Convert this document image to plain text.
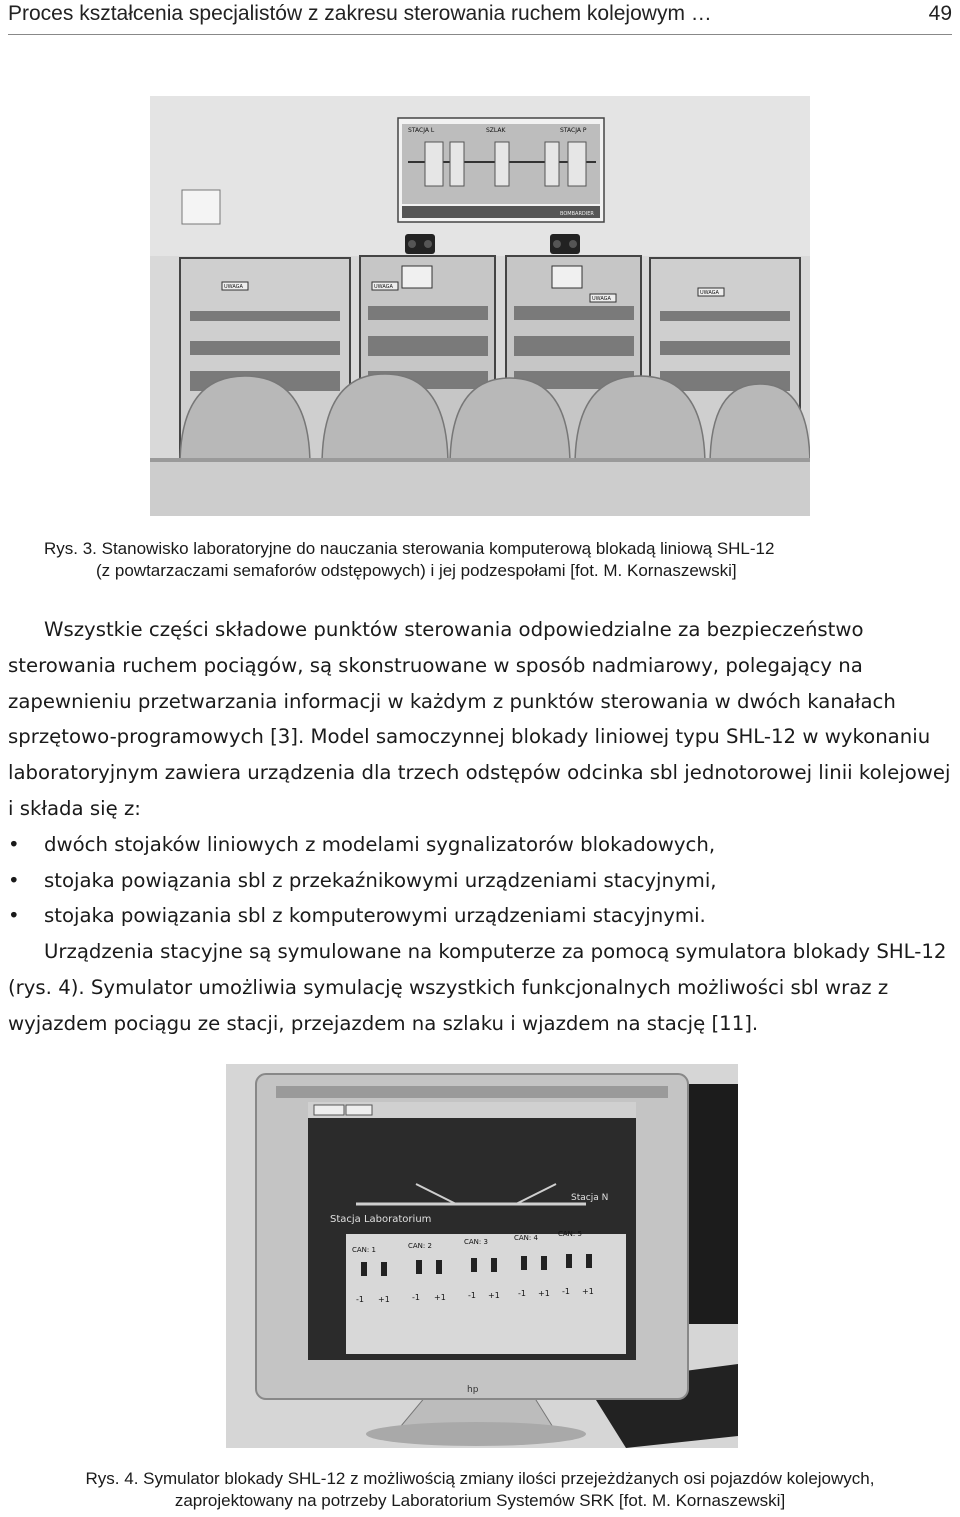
Proces kształcenia specjalistów z zakresu sterowania ruchem kolejowym …	49
STACJA L	SZLAK	STACJA P
BOMBARDIER
UWAGA	UWAGA
UWAGA
UWAGA
Rys. 3. Stanowisko laboratoryjne do nauczania sterowania komputerową blokadą liniową SHL-12
(z powtarzaczami semaforów odstępowych) i jej podzespołami [fot. M. Kornaszewski]

Wszystkie części składowe punktów sterowania odpowiedzialne za bezpieczeństwo sterowania ruchem pociągów, są skonstruowane w sposób nadmiarowy, polegający na zapewnieniu przetwarzania informacji w każdym z punktów sterowania w dwóch kanałach sprzętowo-programowych [3]. Model samoczynnej blokady liniowej typu SHL-12 w wykonaniu laboratoryjnym zawiera urządzenia dla trzech odstępów odcinka sbl jednotorowej linii kolejowej i składa się z:

• dwóch stojaków liniowych z modelami sygnalizatorów blokadowych,
• stojaka powiązania sbl z przekaźnikowymi urządzeniami stacyjnymi,
• stojaka powiązania sbl z komputerowymi urządzeniami stacyjnymi.

Urządzenia stacyjne są symulowane na komputerze za pomocą symulatora blokady SHL-12 (rys. 4). Symulator umożliwia symulację wszystkich funkcjonalnych możliwości sbl wraz z wyjazdem pociągu ze stacji, przejazdem na szlaku i wjazdem na stację [11].

hp
Stacja Laboratorium
Stacja N
CAN: 1	CAN: 2	CAN: 3	CAN: 4	CAN: 5
-1 +1	-1 +1	-1 +1 -1 +1 -1 +1
Rys. 4. Symulator blokady SHL-12 z możliwością zmiany ilości przejeżdżanych osi pojazdów kolejowych,
zaprojektowany na potrzeby Laboratorium Systemów SRK [fot. M. Kornaszewski]
